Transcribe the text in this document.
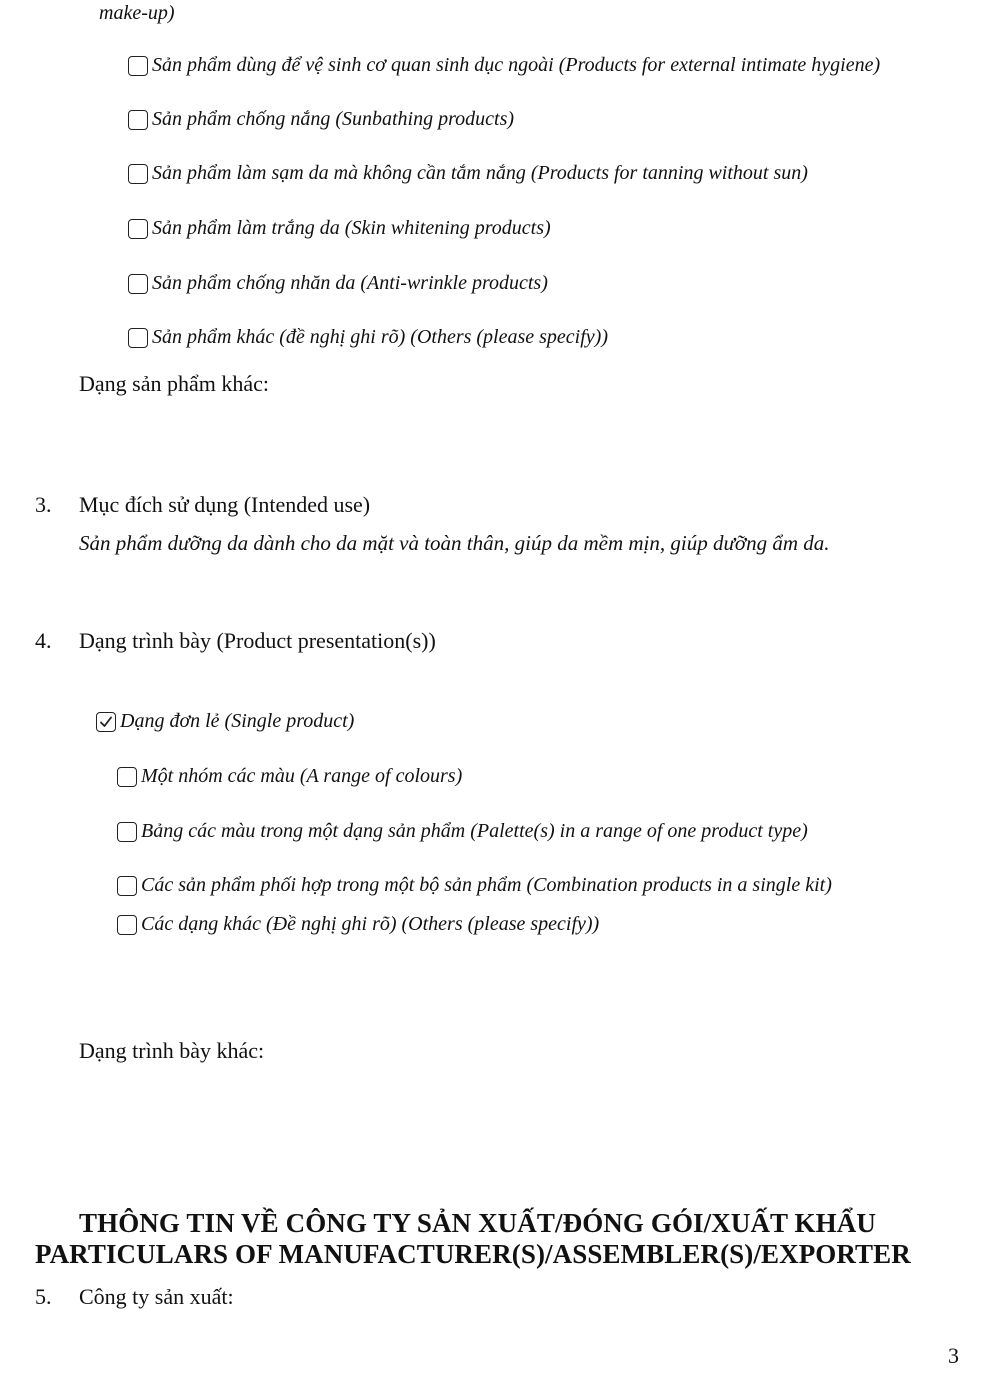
make-up)
Sản phẩm dùng để vệ sinh cơ quan sinh dục ngoài (Products for external intimate hygiene)
Sản phẩm chống nắng (Sunbathing products)
Sản phẩm làm sạm da mà không cần tắm nắng (Products for tanning without sun)
Sản phẩm làm trắng da (Skin whitening products)
Sản phẩm chống nhăn da (Anti-wrinkle products)
Sản phẩm khác (đề nghị ghi rõ) (Others (please specify))
Dạng sản phẩm khác:
3. Mục đích sử dụng (Intended use)
Sản phẩm dưỡng da dành cho da mặt và toàn thân, giúp da mềm mịn, giúp dưỡng ẩm da.
4. Dạng trình bày (Product presentation(s))
Dạng đơn lẻ (Single product)
Một nhóm các màu (A range of colours)
Bảng các màu trong một dạng sản phẩm (Palette(s) in a range of one product type)
Các sản phẩm phối hợp trong một bộ sản phẩm (Combination products in a single kit)
Các dạng khác (Đề nghị ghi rõ) (Others (please specify))
Dạng trình bày khác:
THÔNG TIN VỀ CÔNG TY SẢN XUẤT/ĐÓNG GÓI/XUẤT KHẨU
PARTICULARS OF MANUFACTURER(S)/ASSEMBLER(S)/EXPORTER
5. Công ty sản xuất:
3
